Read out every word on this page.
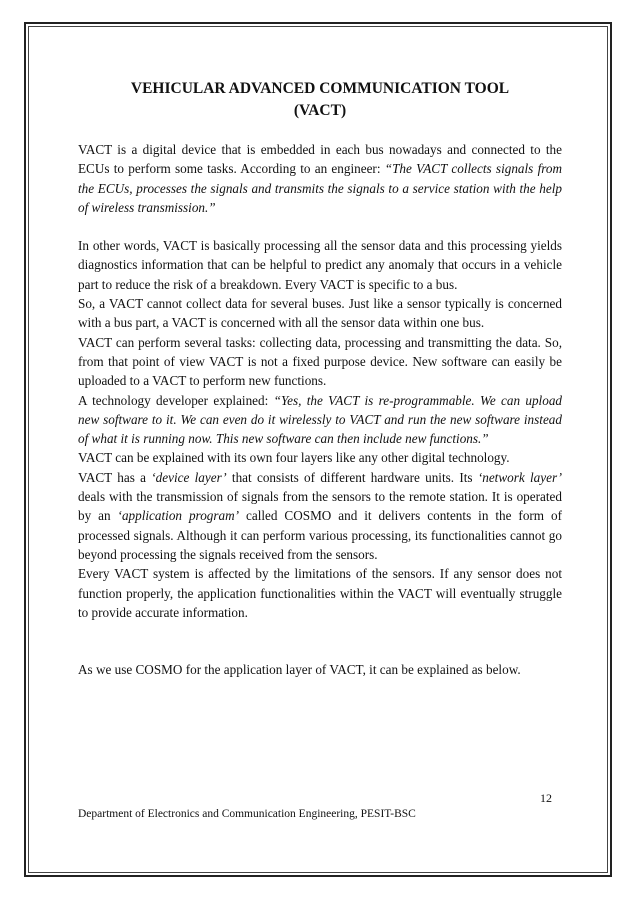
VEHICULAR ADVANCED COMMUNICATION TOOL
(VACT)

VACT is a digital device that is embedded in each bus nowadays and connected to the ECUs to perform some tasks. According to an engineer: “The VACT collects signals from the ECUs, processes the signals and transmits the signals to a service station with the help of wireless transmission.”

In other words, VACT is basically processing all the sensor data and this processing yields diagnostics information that can be helpful to predict any anomaly that occurs in a vehicle part to reduce the risk of a breakdown. Every VACT is specific to a bus.

So, a VACT cannot collect data for several buses. Just like a sensor typically is concerned with a bus part, a VACT is concerned with all the sensor data within one bus.

VACT can perform several tasks: collecting data, processing and transmitting the data. So, from that point of view VACT is not a fixed purpose device. New software can easily be uploaded to a VACT to perform new functions.

A technology developer explained: “Yes, the VACT is re-programmable. We can upload new software to it. We can even do it wirelessly to VACT and run the new software instead of what it is running now. This new software can then include new functions.”

VACT can be explained with its own four layers like any other digital technology.

VACT has a ‘device layer’ that consists of different hardware units. Its ‘network layer’ deals with the transmission of signals from the sensors to the remote station. It is operated by an ‘application program’ called COSMO and it delivers contents in the form of processed signals. Although it can perform various processing, its functionalities cannot go beyond processing the signals received from the sensors.

Every VACT system is affected by the limitations of the sensors. If any sensor does not function properly, the application functionalities within the VACT will eventually struggle to provide accurate information.

As we use COSMO for the application layer of VACT, it can be explained as below.

12
Department of Electronics and Communication Engineering, PESIT-BSC
